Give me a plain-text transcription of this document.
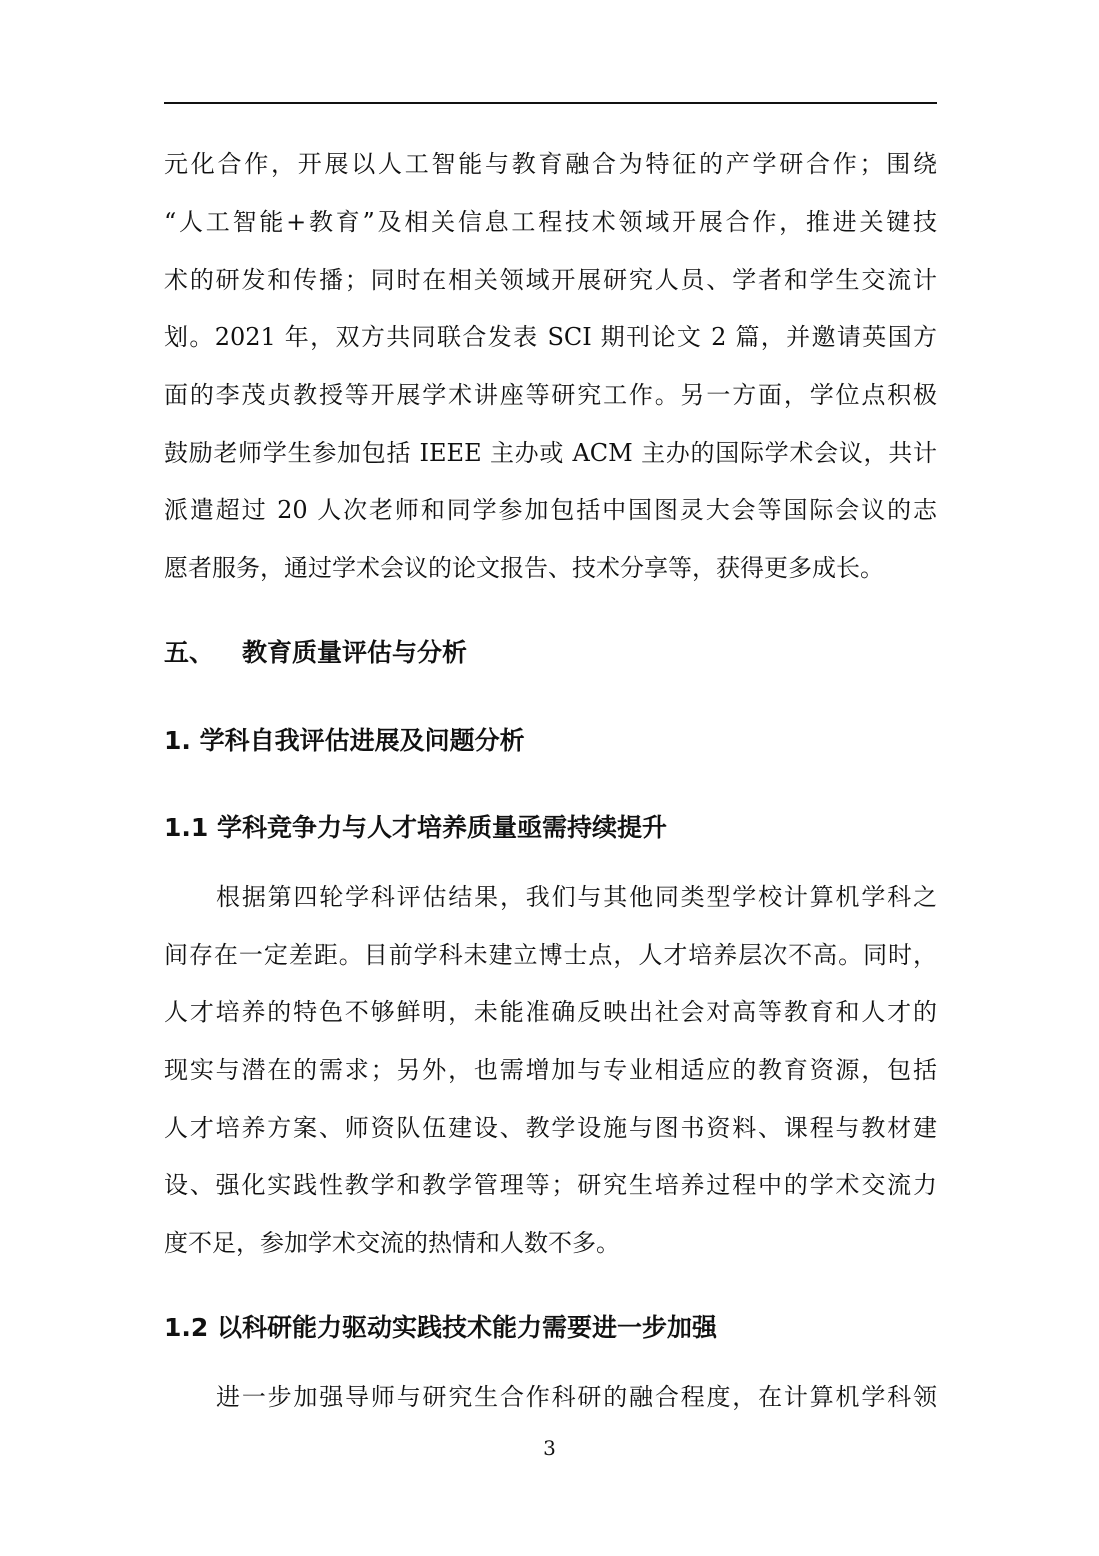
元化合作，开展以人工智能与教育融合为特征的产学研合作；围绕
“人工智能+教育”及相关信息工程技术领域开展合作，推进关键技
术的研发和传播；同时在相关领域开展研究人员、学者和学生交流计
划。2021 年，双方共同联合发表 SCI 期刊论文 2 篇，并邀请英国方
面的李茂贞教授等开展学术讲座等研究工作。另一方面，学位点积极
鼓励老师学生参加包括 IEEE 主办或 ACM 主办的国际学术会议，共计
派遣超过 20 人次老师和同学参加包括中国图灵大会等国际会议的志
愿者服务，通过学术会议的论文报告、技术分享等，获得更多成长。
五、 教育质量评估与分析
1. 学科自我评估进展及问题分析
1.1 学科竞争力与人才培养质量亟需持续提升
根据第四轮学科评估结果，我们与其他同类型学校计算机学科之
间存在一定差距。目前学科未建立博士点，人才培养层次不高。同时，
人才培养的特色不够鲜明，未能准确反映出社会对高等教育和人才的
现实与潜在的需求；另外，也需增加与专业相适应的教育资源，包括
人才培养方案、师资队伍建设、教学设施与图书资料、课程与教材建
设、强化实践性教学和教学管理等；研究生培养过程中的学术交流力
度不足，参加学术交流的热情和人数不多。
1.2 以科研能力驱动实践技术能力需要进一步加强
进一步加强导师与研究生合作科研的融合程度，在计算机学科领
3
